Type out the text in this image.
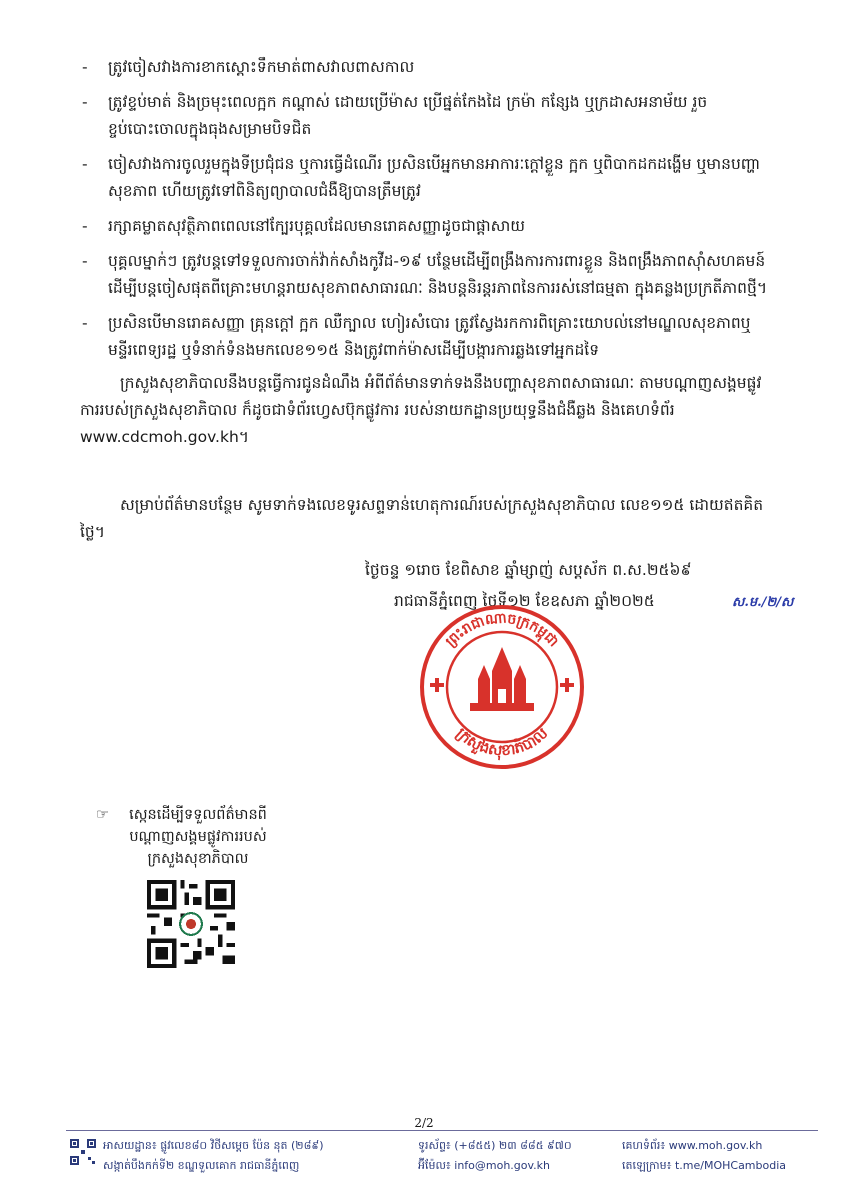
- ត្រូវចៀសវាងការខាកស្ដោះទឹកមាត់ពាសវាលពាសកាល
- ត្រូវខ្ទប់មាត់ និងច្រមុះពេលក្អក កណ្ដាស់ ដោយប្រើម៉ាស ប្រើផ្នត់កែងដៃ ក្រម៉ា កន្សែង ឬក្រដាសអនាម័យ រួចខ្ចប់បោះចោលក្នុងធុងសម្រាមបិទជិត
- ចៀសវាងការចូលរួមក្នុងទីប្រជុំជន ឬការធ្វើដំណើរ ប្រសិនបើអ្នកមានអាការៈក្ដៅខ្លួន ក្អក ឬពិបាកដកដង្ហើម ឬមានបញ្ហាសុខភាព ហើយត្រូវទៅពិនិត្យព្យាបាលជំងឺឱ្យបានត្រឹមត្រូវ
- រក្សាគម្លាតសុវត្ថិភាពពេលនៅក្បែរបុគ្គលដែលមានរោគសញ្ញាដូចជាផ្ដាសាយ
- បុគ្គលម្នាក់ៗ ត្រូវបន្តទៅទទួលការចាក់វ៉ាក់សាំងកូវីដ-១៩ បន្ថែមដើម្បីពង្រឹងការការពារខ្លួន និងពង្រឹងភាពស៊ាំសហគមន៍ ដើម្បីបន្តចៀសផុតពីគ្រោះមហន្តរាយសុខភាពសាធារណៈ និងបន្តនិរន្តរភាពនៃការរស់នៅធម្មតា ក្នុងគន្លងប្រក្រតីភាពថ្មី។
- ប្រសិនបើមានរោគសញ្ញា គ្រុនក្ដៅ ក្អក ឈឺក្បាល ហៀរសំបោរ ត្រូវស្វែងរកការពិគ្រោះយោបល់នៅមណ្ឌលសុខភាពឬ មន្ទីរពេទ្យរដ្ឋ ឬទំនាក់ទំនងមកលេខ១១៥ និងត្រូវពាក់ម៉ាសដើម្បីបង្ការការឆ្លងទៅអ្នកដទៃ

ក្រសួងសុខាភិបាលនឹងបន្តធ្វើការជូនដំណឹង អំពីព័ត៌មានទាក់ទងនឹងបញ្ហាសុខភាពសាធារណៈ តាមបណ្ដាញសង្គមផ្លូវការរបស់ក្រសួងសុខាភិបាល ក៏ដូចជាទំព័រហ្វេសប៊ុកផ្លូវការ របស់នាយកដ្ឋានប្រយុទ្ធនឹងជំងឺឆ្លង និងគេហទំព័រ www.cdcmoh.gov.kh។

សម្រាប់ព័ត៌មានបន្ថែម សូមទាក់ទងលេខទូរសព្ទទាន់ហេតុការណ៍របស់ក្រសួងសុខាភិបាល លេខ១១៥ ដោយឥតគិតថ្លៃ។

ថ្ងៃចន្ទ ១រោច ខែពិសាខ ឆ្នាំម្សាញ់ សប្តស័ក ព.ស.២៥៦៩
រាជធានីភ្នំពេញ ថ្ងៃទី១២ ខែឧសភា ឆ្នាំ២០២៥	ស.ម./២/ស
ព្រះរាជាណាចក្រកម្ពុជា
ក្រសួងសុខាភិបាល
☞	ស្កេនដើម្បីទទួលព័ត៌មានពី
បណ្ដាញសង្គមផ្លូវការរបស់
ក្រសួងសុខាភិបាល
2/2
អាសយដ្ឋាន៖ ផ្លូវលេខ៨០ វិថីសម្ដេច ប៉ែន នុត (២៨៩)
សង្កាត់បឹងកក់ទី២ ខណ្ឌទួលគោក រាជធានីភ្នំពេញ
ទូរស័ព្ទ៖ (+៨៥៥) ២៣ ៨៨៥ ៩៧០
អ៊ីម៉ែល៖ info@moh.gov.kh
គេហទំព័រ៖ www.moh.gov.kh
តេឡេក្រាម៖ t.me/MOHCambodia
